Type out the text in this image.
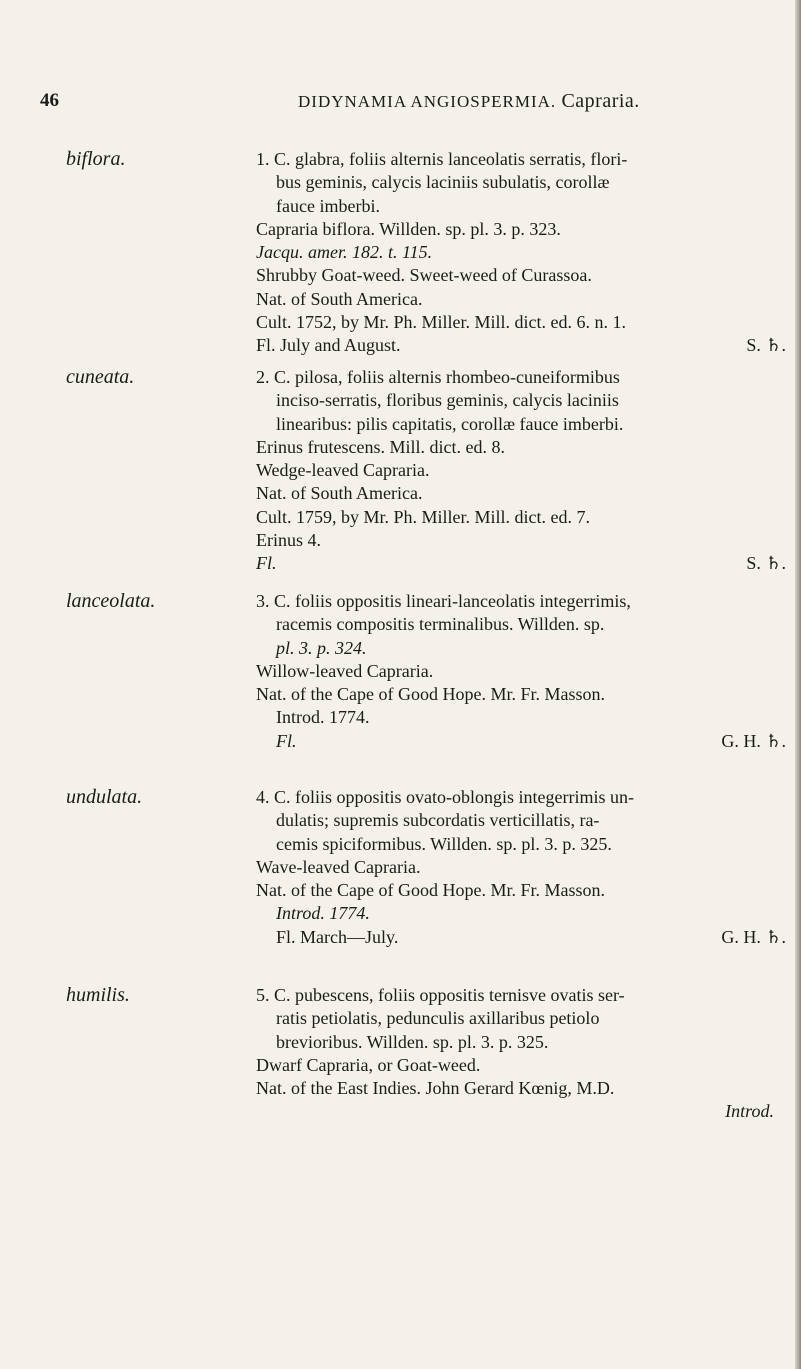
46	DIDYNAMIA ANGIOSPERMIA. Capraria.
biflora.	1. C. glabra, foliis alternis lanceolatis serratis, flori-
bus geminis, calycis laciniis subulatis, corollæ
fauce imberbi.
Capraria biflora. Willden. sp. pl. 3. p. 323.
Jacqu. amer. 182. t. 115.
Shrubby Goat-weed. Sweet-weed of Curassoa.
Nat. of South America.
Cult. 1752, by Mr. Ph. Miller. Mill. dict. ed. 6. n. 1.
Fl. July and August.	S. ♄.
cuneata.	2. C. pilosa, foliis alternis rhombeo-cuneiformibus
inciso-serratis, floribus geminis, calycis laciniis
linearibus: pilis capitatis, corollæ fauce imberbi.
Erinus frutescens. Mill. dict. ed. 8.
Wedge-leaved Capraria.
Nat. of South America.
Cult. 1759, by Mr. Ph. Miller. Mill. dict. ed. 7.
Erinus 4.
Fl.	S. ♄.
lanceolata.	3. C. foliis oppositis lineari-lanceolatis integerrimis,
racemis compositis terminalibus. Willden. sp.
pl. 3. p. 324.
Willow-leaved Capraria.
Nat. of the Cape of Good Hope. Mr. Fr. Masson.
Introd. 1774.
Fl.	G. H. ♄.
undulata.	4. C. foliis oppositis ovato-oblongis integerrimis un-
dulatis; supremis subcordatis verticillatis, ra-
cemis spiciformibus. Willden. sp. pl. 3. p. 325.
Wave-leaved Capraria.
Nat. of the Cape of Good Hope. Mr. Fr. Masson.
Introd. 1774.
Fl. March—July.	G. H. ♄.
humilis.	5. C. pubescens, foliis oppositis ternisve ovatis ser-
ratis petiolatis, pedunculis axillaribus petiolo
brevioribus. Willden. sp. pl. 3. p. 325.
Dwarf Capraria, or Goat-weed.
Nat. of the East Indies. John Gerard Kœnig, M.D.
Introd.
